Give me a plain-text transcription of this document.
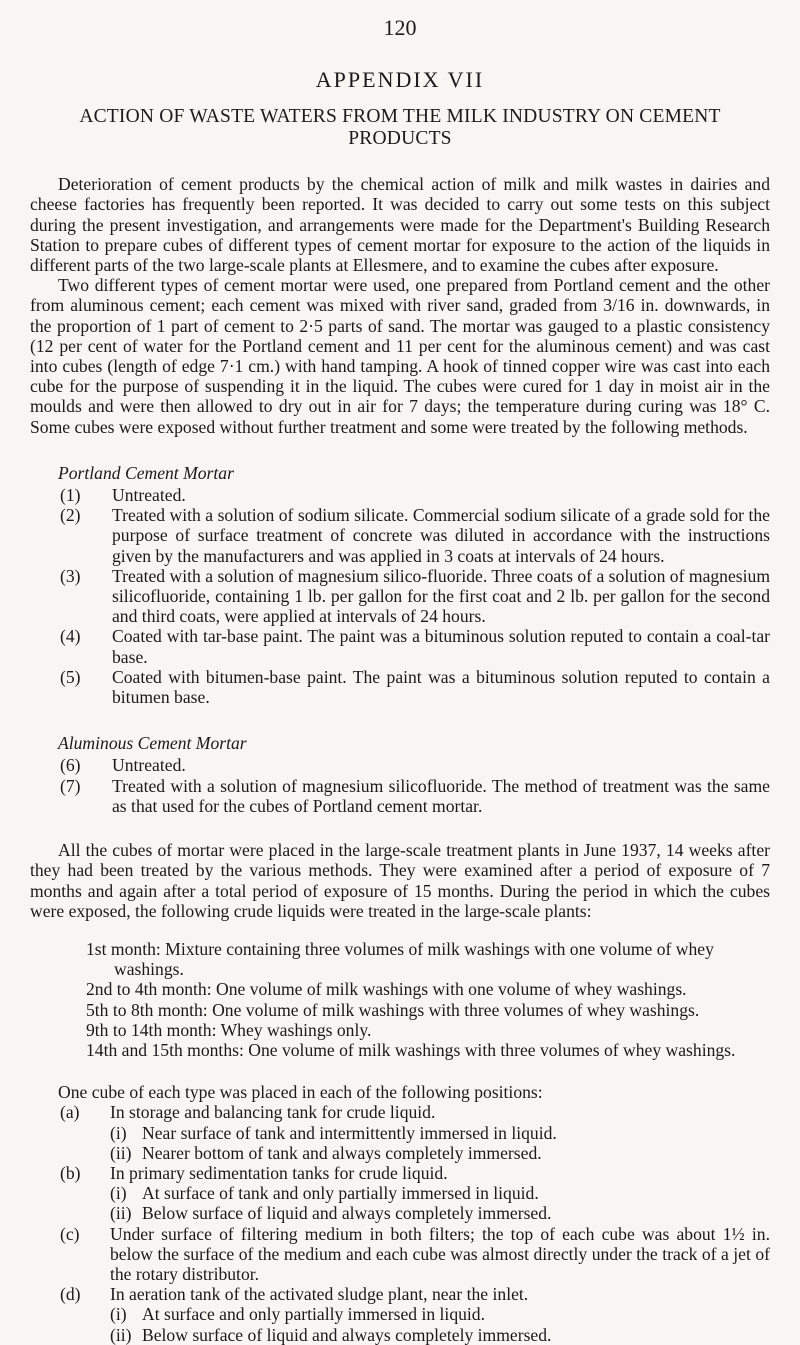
120
APPENDIX VII
ACTION OF WASTE WATERS FROM THE MILK INDUSTRY ON CEMENT PRODUCTS

Deterioration of cement products by the chemical action of milk and milk wastes in dairies and cheese factories has frequently been reported. It was decided to carry out some tests on this subject during the present investigation, and arrangements were made for the Department's Building Research Station to prepare cubes of different types of cement mortar for exposure to the action of the liquids in different parts of the two large-scale plants at Ellesmere, and to examine the cubes after exposure.

Two different types of cement mortar were used, one prepared from Portland cement and the other from aluminous cement; each cement was mixed with river sand, graded from 3/16 in. downwards, in the proportion of 1 part of cement to 2·5 parts of sand. The mortar was gauged to a plastic consistency (12 per cent of water for the Portland cement and 11 per cent for the aluminous cement) and was cast into cubes (length of edge 7·1 cm.) with hand tamping. A hook of tinned copper wire was cast into each cube for the purpose of suspending it in the liquid. The cubes were cured for 1 day in moist air in the moulds and were then allowed to dry out in air for 7 days; the temperature during curing was 18° C. Some cubes were exposed without further treatment and some were treated by the following methods.

Portland Cement Mortar
(1) Untreated.
(2) Treated with a solution of sodium silicate. Commercial sodium silicate of a grade sold for the purpose of surface treatment of concrete was diluted in accordance with the instructions given by the manufacturers and was applied in 3 coats at intervals of 24 hours.
(3) Treated with a solution of magnesium silico-fluoride. Three coats of a solution of magnesium silicofluoride, containing 1 lb. per gallon for the first coat and 2 lb. per gallon for the second and third coats, were applied at intervals of 24 hours.
(4) Coated with tar-base paint. The paint was a bituminous solution reputed to contain a coal-tar base.
(5) Coated with bitumen-base paint. The paint was a bituminous solution reputed to contain a bitumen base.
Aluminous Cement Mortar
(6) Untreated.
(7) Treated with a solution of magnesium silicofluoride. The method of treatment was the same as that used for the cubes of Portland cement mortar.

All the cubes of mortar were placed in the large-scale treatment plants in June 1937, 14 weeks after they had been treated by the various methods. They were examined after a period of exposure of 7 months and again after a total period of exposure of 15 months. During the period in which the cubes were exposed, the following crude liquids were treated in the large-scale plants:

1st month: Mixture containing three volumes of milk washings with one volume of whey washings.
2nd to 4th month: One volume of milk washings with one volume of whey washings.
5th to 8th month: One volume of milk washings with three volumes of whey washings.
9th to 14th month: Whey washings only.
14th and 15th months: One volume of milk washings with three volumes of whey washings.

One cube of each type was placed in each of the following positions:

(a) In storage and balancing tank for crude liquid.
(i) Near surface of tank and intermittently immersed in liquid.
(ii) Nearer bottom of tank and always completely immersed.
(b) In primary sedimentation tanks for crude liquid.
(i) At surface of tank and only partially immersed in liquid.
(ii) Below surface of liquid and always completely immersed.
(c) Under surface of filtering medium in both filters; the top of each cube was about 1½ in. below the surface of the medium and each cube was almost directly under the track of a jet of the rotary distributor.
(d) In aeration tank of the activated sludge plant, near the inlet.
(i) At surface and only partially immersed in liquid.
(ii) Below surface of liquid and always completely immersed.
